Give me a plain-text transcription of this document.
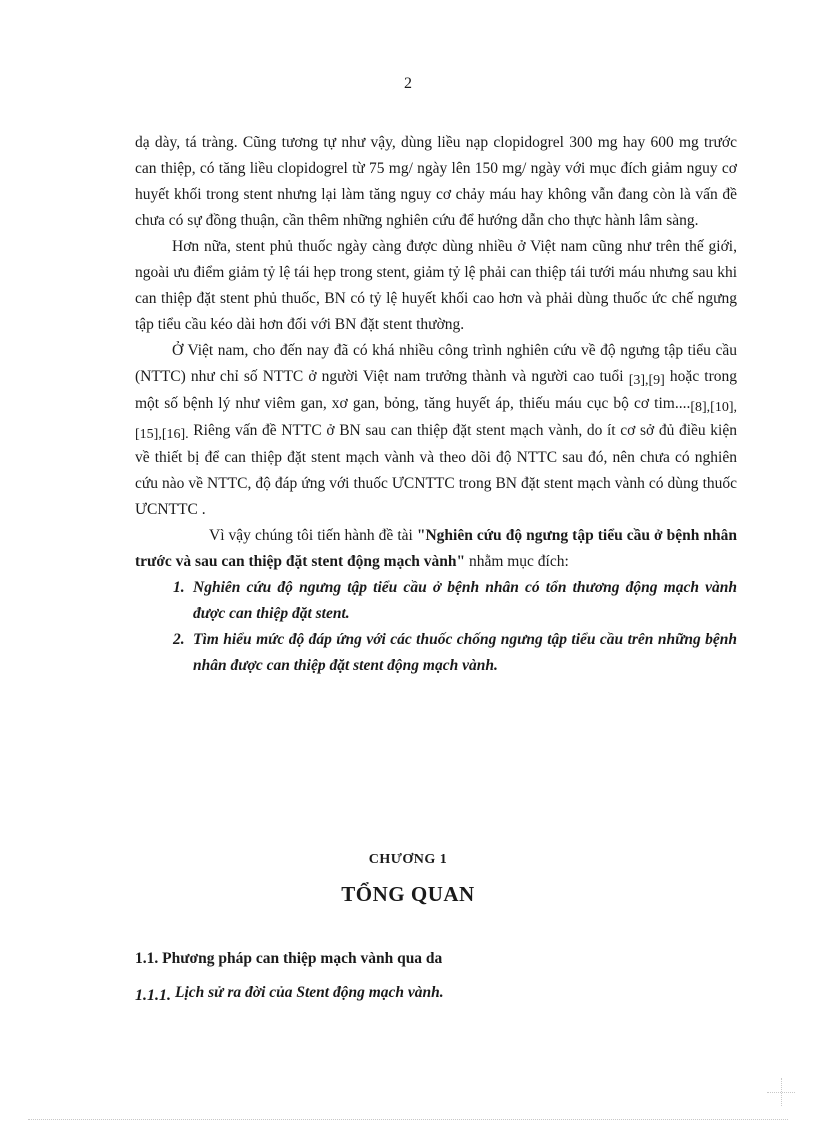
2

dạ dày, tá tràng. Cũng tương tự như vậy, dùng liều nạp clopidogrel 300 mg hay 600 mg trước can thiệp, có tăng liều clopidogrel từ 75 mg/ ngày lên 150 mg/ ngày với mục đích giảm nguy cơ huyết khối trong stent nhưng lại làm tăng nguy cơ chảy máu hay không vẫn đang còn là vấn đề chưa có sự đồng thuận, cần thêm những nghiên cứu để hướng dẫn cho thực hành lâm sàng.

Hơn nữa, stent phủ thuốc ngày càng được dùng nhiều ở Việt nam cũng như trên thế giới, ngoài ưu điểm giảm tỷ lệ tái hẹp trong stent, giảm tỷ lệ phải can thiệp tái tưới máu nhưng sau khi can thiệp đặt stent phủ thuốc, BN có tỷ lệ huyết khối cao hơn và phải dùng thuốc ức chế ngưng tập tiểu cầu kéo dài hơn đối với BN đặt stent thường.

Ở Việt nam, cho đến nay đã có khá nhiều công trình nghiên cứu về độ ngưng tập tiểu cầu (NTTC) như chỉ số NTTC ở người Việt nam trưởng thành và người cao tuổi [3],[9] hoặc trong một số bệnh lý như viêm gan, xơ gan, bỏng, tăng huyết áp, thiếu máu cục bộ cơ tim....[8],[10],[15],[16]. Riêng vấn đề NTTC ở BN sau can thiệp đặt stent mạch vành, do ít cơ sở đủ điều kiện về thiết bị để can thiệp đặt stent mạch vành và theo dõi độ NTTC sau đó, nên chưa có nghiên cứu nào về NTTC, độ đáp ứng với thuốc ƯCNTTC trong BN đặt stent mạch vành có dùng thuốc ƯCNTTC .

Vì vậy chúng tôi tiến hành đề tài "Nghiên cứu độ ngưng tập tiểu cầu ở bệnh nhân trước và sau can thiệp đặt stent động mạch vành" nhằm mục đích:

1. Nghiên cứu độ ngưng tập tiểu cầu ở bệnh nhân có tổn thương động mạch vành được can thiệp đặt stent.
2. Tìm hiểu mức độ đáp ứng với các thuốc chống ngưng tập tiểu cầu trên những bệnh nhân được can thiệp đặt stent động mạch vành.
CHƯƠNG 1
TỔNG QUAN
1.1. Phương pháp can thiệp mạch vành qua da
1.1.1. Lịch sử ra đời của Stent động mạch vành.
